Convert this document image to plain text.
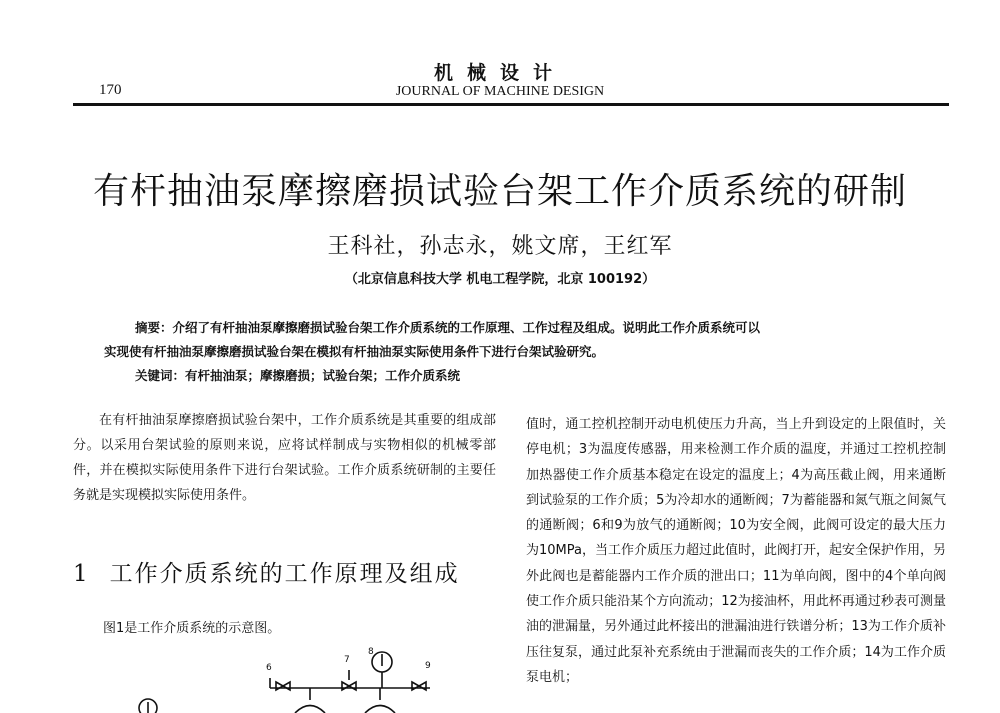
机械设计
170	JOURNAL OF MACHINE DESIGN
有杆抽油泵摩擦磨损试验台架工作介质系统的研制
王科社，孙志永，姚文席，王红军
（北京信息科技大学 机电工程学院，北京 100192）
摘要：介绍了有杆抽油泵摩擦磨损试验台架工作介质系统的工作原理、工作过程及组成。说明此工作介质系统可以
实现使有杆抽油泵摩擦磨损试验台架在模拟有杆抽油泵实际使用条件下进行台架试验研究。
关键词：有杆抽油泵；摩擦磨损；试验台架；工作介质系统

在有杆抽油泵摩擦磨损试验台架中，工作介质系统是其重要的组成部分。以采用台架试验的原则来说，应将试样制成与实物相似的机械零部件，并在模拟实际使用条件下进行台架试验。工作介质系统研制的主要任务就是实现模拟实际使用条件。

1 工作介质系统的工作原理及组成
图1是工作介质系统的示意图。

值时，通工控机控制开动电机使压力升高，当上升到设定的上限值时，关停电机；3为温度传感器，用来检测工作介质的温度，并通过工控机控制加热器使工作介质基本稳定在设定的温度上；4为高压截止阀，用来通断到试验泵的工作介质；5为冷却水的通断阀；7为蓄能器和氮气瓶之间氮气的通断阀；6和9为放气的通断阀；10为安全阀，此阀可设定的最大压力为10MPa，当工作介质压力超过此值时，此阀打开，起安全保护作用，另外此阀也是蓄能器内工作介质的泄出口；11为单向阀，图中的4个单向阀使工作介质只能沿某个方向流动；12为接油杯，用此杯再通过秒表可测量油的泄漏量，另外通过此杯接出的泄漏油进行铁谱分析；13为工作介质补压往复泵，通过此泵补充系统由于泄漏而丧失的工作介质；14为工作介质泵电机；

6
7
8
9
